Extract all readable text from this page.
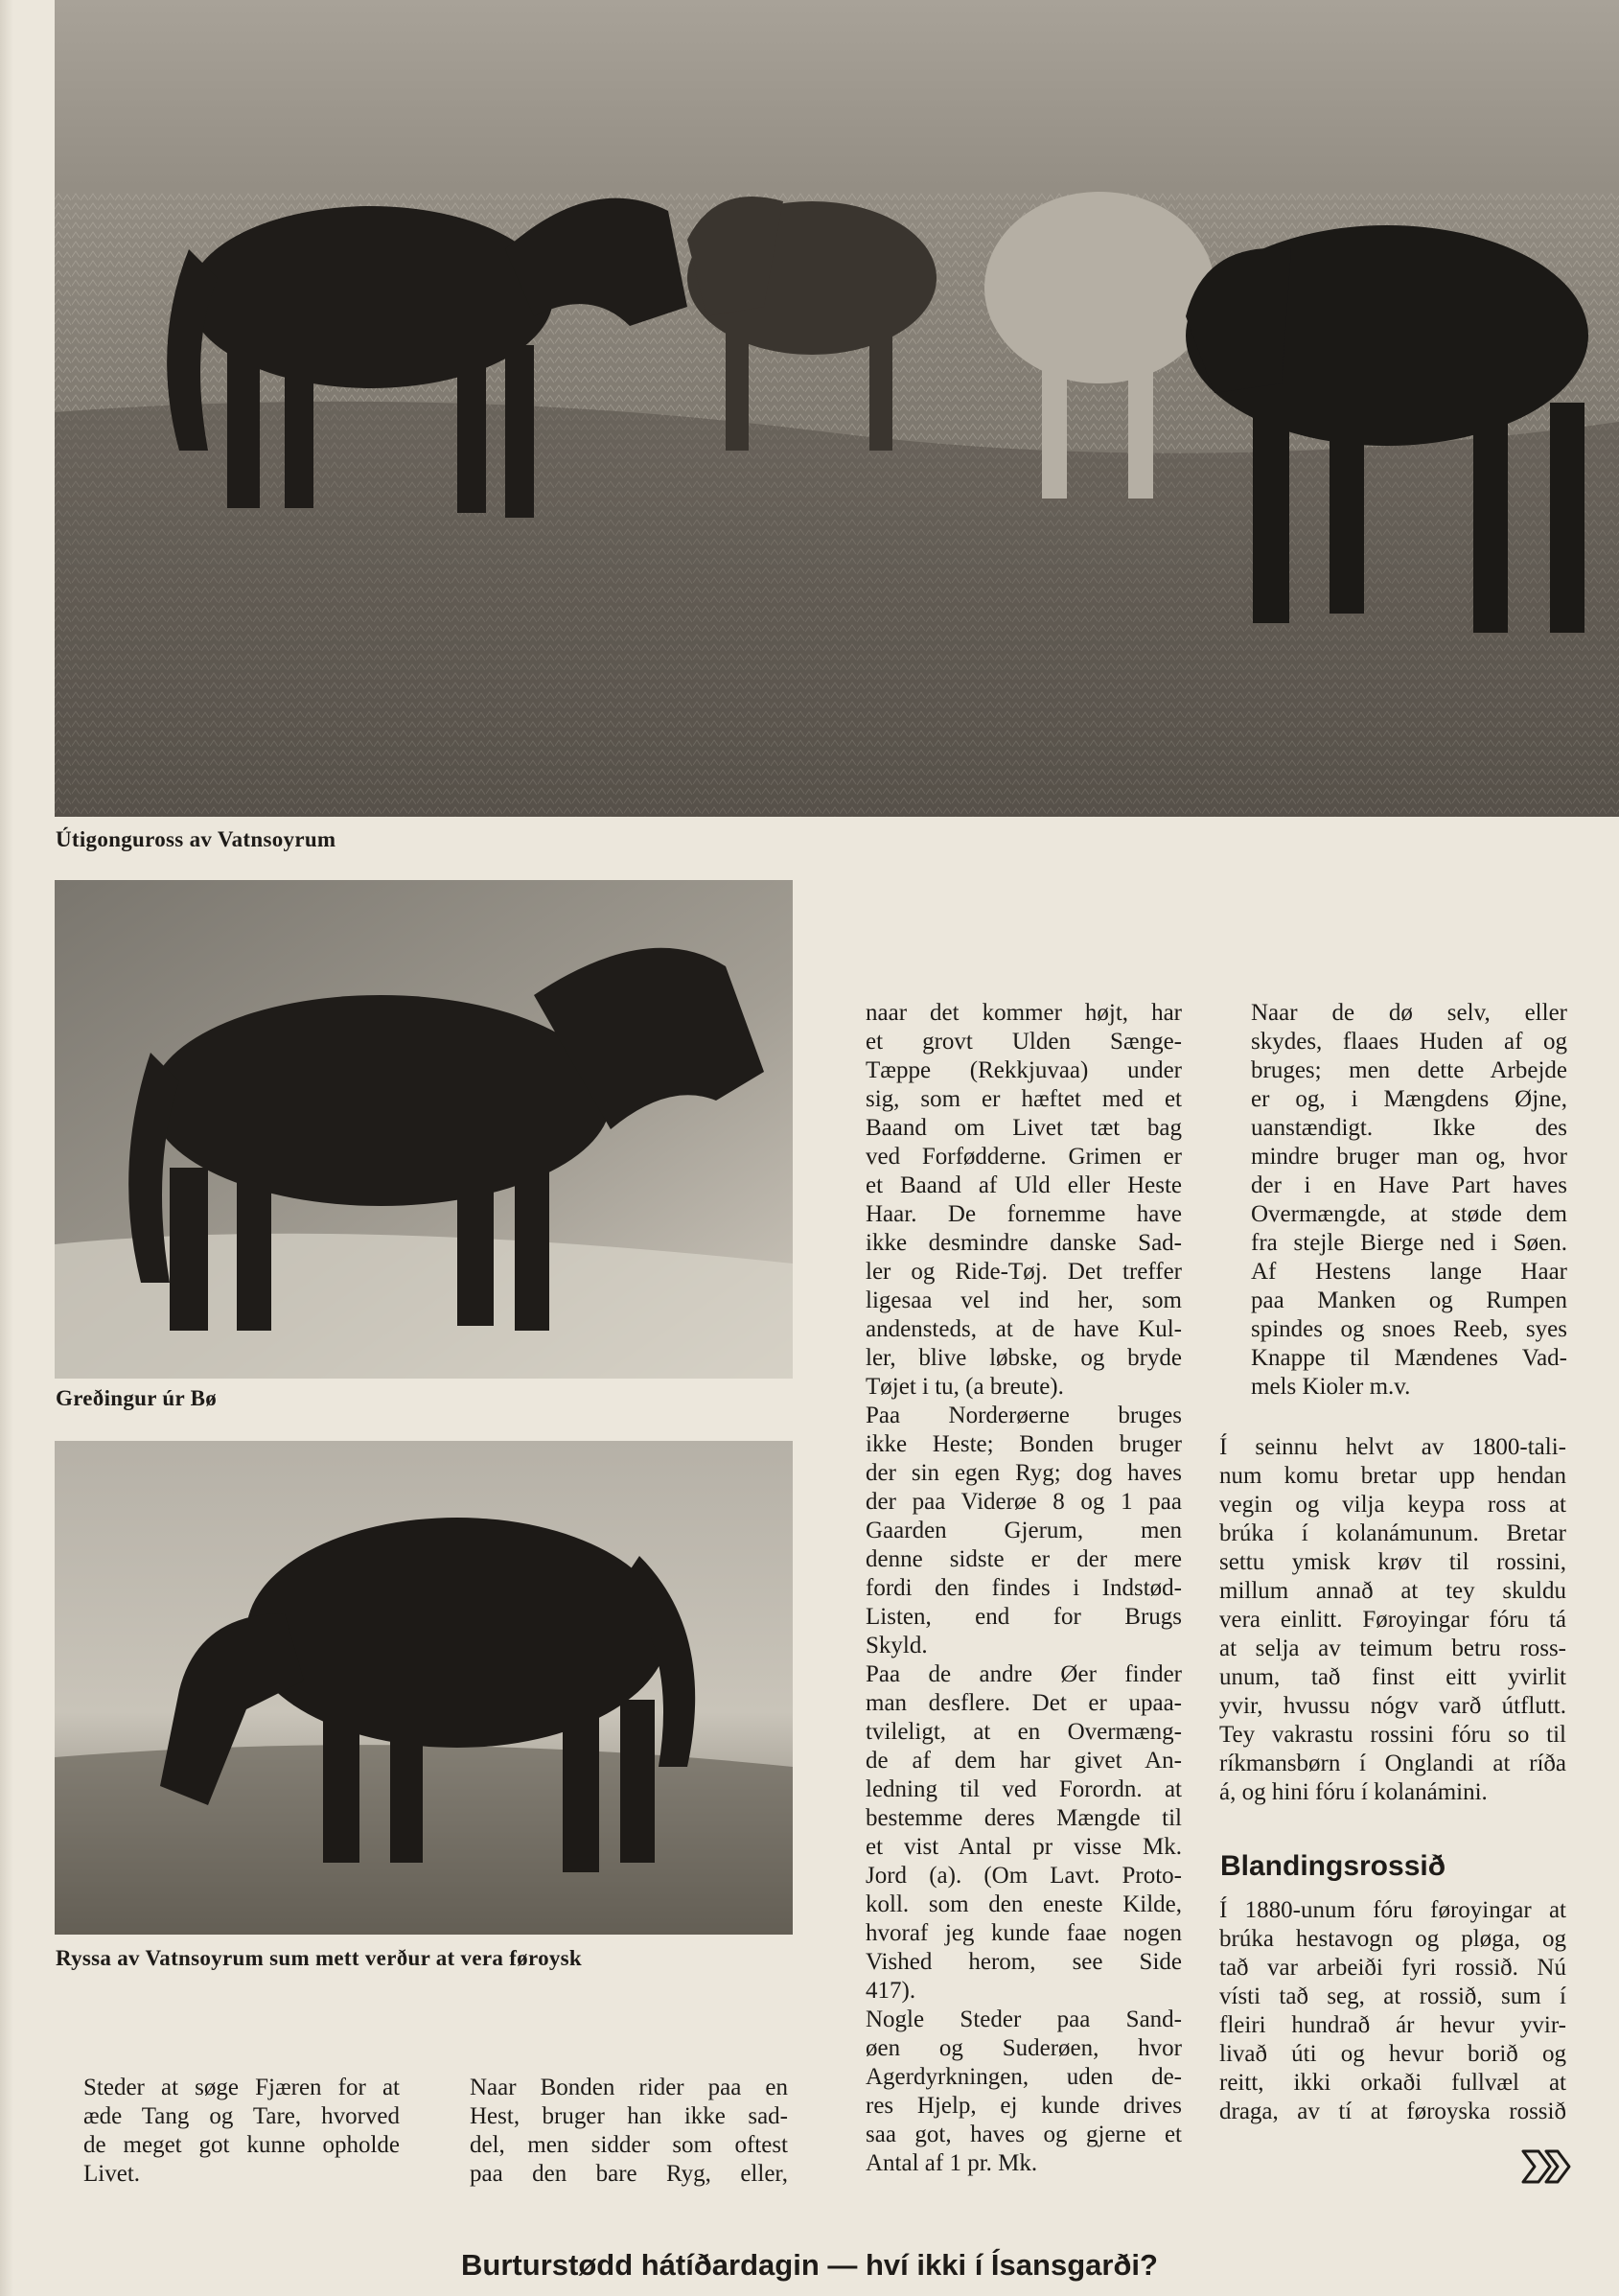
Útigonguross av Vatnsoyrum
Greðingur úr Bø
Ryssa av Vatnsoyrum sum mett verður at vera føroysk
Steder at søge Fjæren for at
æde Tang og Tare, hvorved
de meget got kunne opholde
Livet.
Naar Bonden rider paa en
Hest, bruger han ikke sad-
del, men sidder som oftest
paa den bare Ryg, eller,
naar det kommer højt, har
et grovt Ulden Sænge-
Tæppe (Rekkjuvaa) under
sig, som er hæftet med et
Baand om Livet tæt bag
ved Forfødderne. Grimen er
et Baand af Uld eller Heste
Haar. De fornemme have
ikke desmindre danske Sad-
ler og Ride-Tøj. Det treffer
ligesaa vel ind her, som
andensteds, at de have Kul-
ler, blive løbske, og bryde
Tøjet i tu, (a breute).
Paa Norderøerne bruges
ikke Heste; Bonden bruger
der sin egen Ryg; dog haves
der paa Viderøe 8 og 1 paa
Gaarden Gjerum, men
denne sidste er der mere
fordi den findes i Indstød-
Listen, end for Brugs
Skyld.
Paa de andre Øer finder
man desflere. Det er upaa-
tvileligt, at en Overmæng-
de af dem har givet An-
ledning til ved Forordn. at
bestemme deres Mængde til
et vist Antal pr visse Mk.
Jord (a). (Om Lavt. Proto-
koll. som den eneste Kilde,
hvoraf jeg kunde faae nogen
Vished herom, see Side
417).
Nogle Steder paa Sand-
øen og Suderøen, hvor
Agerdyrkningen, uden de-
res Hjelp, ej kunde drives
saa got, haves og gjerne et
Antal af 1 pr. Mk.
Naar de dø selv, eller
skydes, flaaes Huden af og
bruges; men dette Arbejde
er og, i Mængdens Øjne,
uanstændigt. Ikke des
mindre bruger man og, hvor
der i en Have Part haves
Overmængde, at støde dem
fra stejle Bierge ned i Søen.
Af Hestens lange Haar
paa Manken og Rumpen
spindes og snoes Reeb, syes
Knappe til Mændenes Vad-
mels Kioler m.v.
Í seinnu helvt av 1800-tali-
num komu bretar upp hendan
vegin og vilja keypa ross at
brúka í kolanámunum. Bretar
settu ymisk krøv til rossini,
millum annað at tey skuldu
vera einlitt. Føroyingar fóru tá
at selja av teimum betru ross-
unum, tað finst eitt yvirlit
yvir, hvussu nógv varð útflutt.
Tey vakrastu rossini fóru so til
ríkmansbørn í Onglandi at ríða
á, og hini fóru í kolanámini.
Blandingsrossið
Í 1880-unum fóru føroyingar at
brúka hestavogn og pløga, og
tað var arbeiði fyri rossið. Nú
vísti tað seg, at rossið, sum í
fleiri hundrað ár hevur yvir-
livað úti og hevur borið og
reitt, ikki orkaði fullvæl at
draga, av tí at føroyska rossið
Burturstødd hátíðardagin — hví ikki í Ísansgarði?
